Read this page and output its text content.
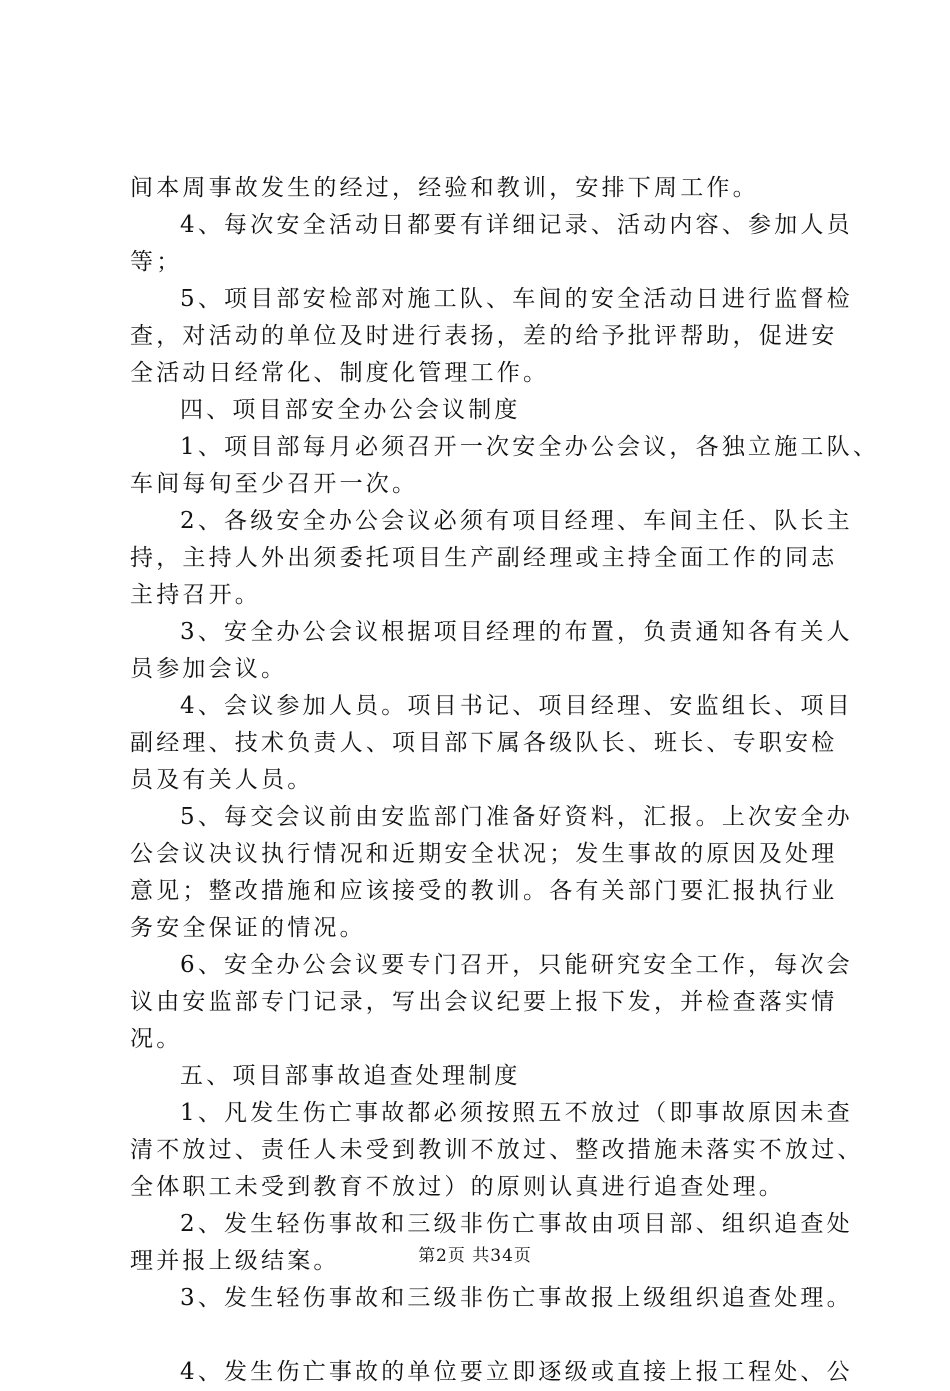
间本周事故发生的经过，经验和教训，安排下周工作。
4、每次安全活动日都要有详细记录、活动内容、参加人员
等；
5、项目部安检部对施工队、车间的安全活动日进行监督检
查，对活动的单位及时进行表扬，差的给予批评帮助，促进安
全活动日经常化、制度化管理工作。
四、项目部安全办公会议制度
1、项目部每月必须召开一次安全办公会议，各独立施工队、
车间每旬至少召开一次。
2、各级安全办公会议必须有项目经理、车间主任、队长主
持，主持人外出须委托项目生产副经理或主持全面工作的同志
主持召开。
3、安全办公会议根据项目经理的布置，负责通知各有关人
员参加会议。
4、会议参加人员。项目书记、项目经理、安监组长、项目
副经理、技术负责人、项目部下属各级队长、班长、专职安检
员及有关人员。
5、每交会议前由安监部门准备好资料，汇报。上次安全办
公会议决议执行情况和近期安全状况；发生事故的原因及处理
意见；整改措施和应该接受的教训。各有关部门要汇报执行业
务安全保证的情况。
6、安全办公会议要专门召开，只能研究安全工作，每次会
议由安监部专门记录，写出会议纪要上报下发，并检查落实情
况。
五、项目部事故追查处理制度
1、凡发生伤亡事故都必须按照五不放过（即事故原因未查
清不放过、责任人未受到教训不放过、整改措施未落实不放过、
全体职工未受到教育不放过）的原则认真进行追查处理。
2、发生轻伤事故和三级非伤亡事故由项目部、组织追查处
理并报上级结案。
3、发生轻伤事故和三级非伤亡事故报上级组织追查处理。
4、发生伤亡事故的单位要立即逐级或直接上报工程处、公
第2页 共34页
